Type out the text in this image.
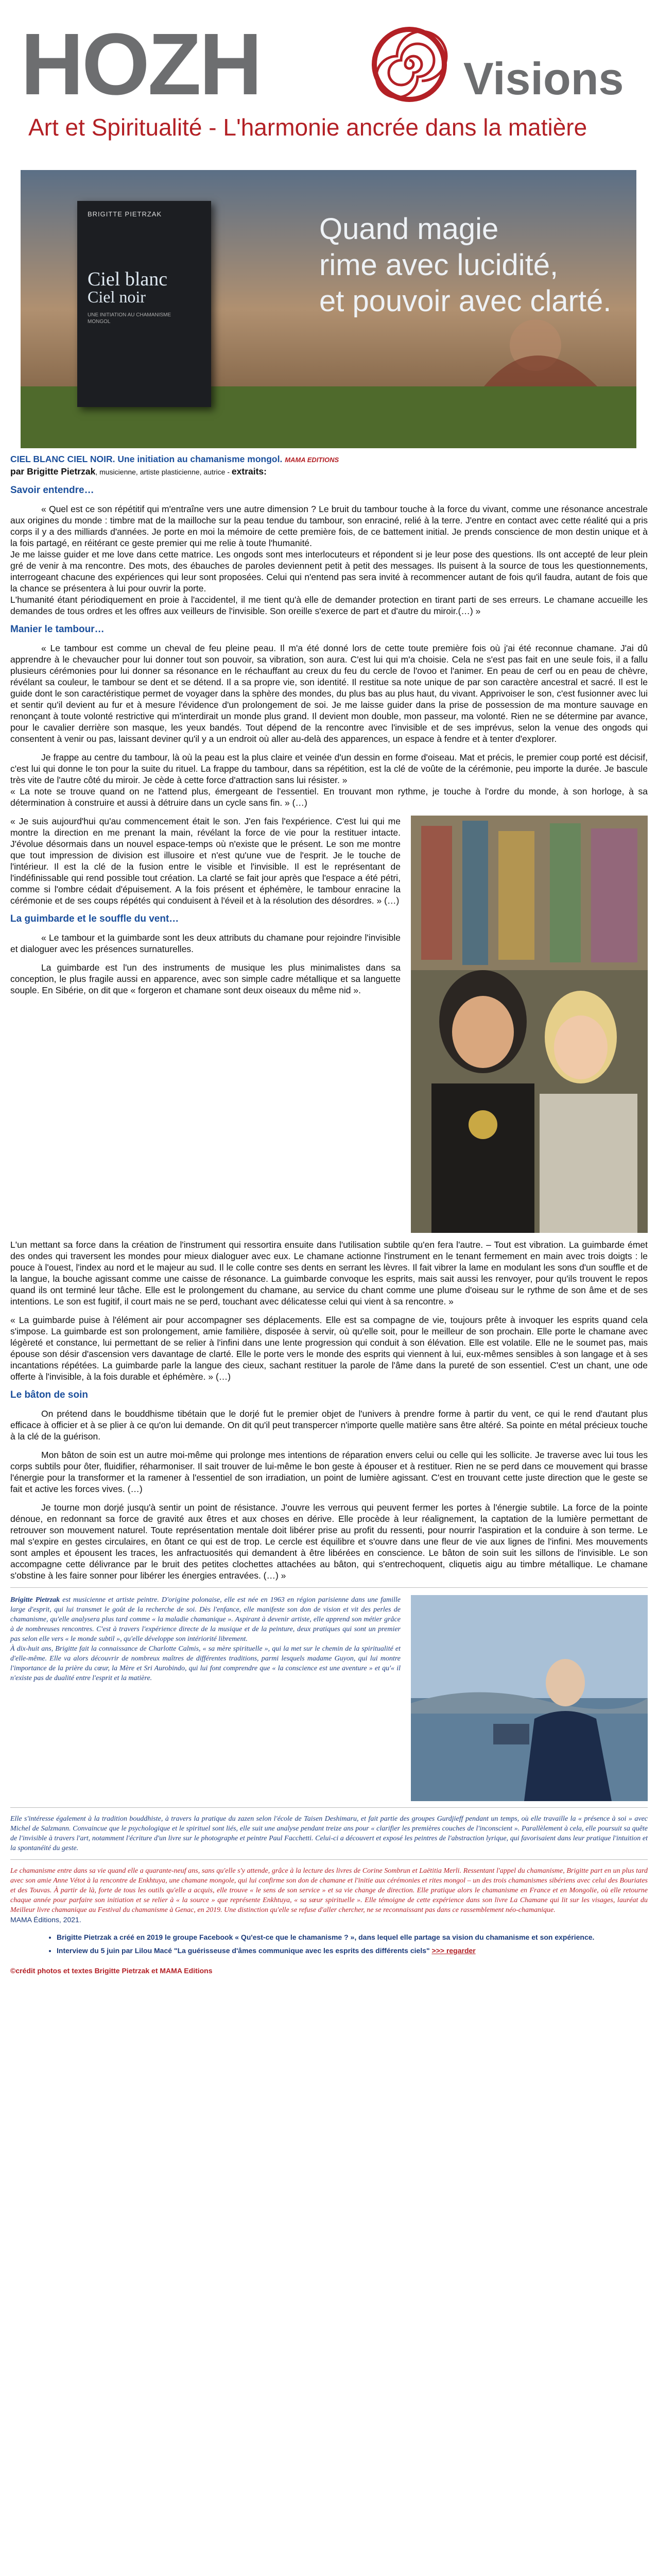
HOZH	Visions
Art et Spiritualité - L'harmonie ancrée dans la matière
BRIGITTE PIETRZAK
Ciel blanc
Ciel noir
UNE INITIATION AU CHAMANISME MONGOL
Quand magie
rime avec lucidité,
et pouvoir avec clarté.

CIEL BLANC CIEL NOIR. Une initiation au chamanisme mongol. MAMA EDITIONS

par Brigitte Pietrzak, musicienne, artiste plasticienne, autrice - extraits:

Savoir entendre…

« Quel est ce son répétitif qui m'entraîne vers une autre dimension ? Le bruit du tambour touche à la force du vivant, comme une résonance ancestrale aux origines du monde : timbre mat de la mailloche sur la peau tendue du tambour, son enraciné, relié à la terre. J'entre en contact avec cette réalité qui a pris corps il y a des milliards d'années. Je porte en moi la mémoire de cette première fois, de ce battement initial. Je prends conscience de mon destin unique et à la fois partagé, en réitérant ce geste premier qui me relie à toute l'humanité.

Je me laisse guider et me love dans cette matrice. Les ongods sont mes interlocuteurs et répondent si je leur pose des questions. Ils ont accepté de leur plein gré de venir à ma rencontre. Des mots, des ébauches de paroles deviennent petit à petit des messages. Ils puisent à la source de tous les questionnements, interrogeant chacune des expériences qui leur sont proposées. Celui qui n'entend pas sera invité à recommencer autant de fois qu'il faudra, autant de fois que la chance se présentera à lui pour ouvrir la porte.

L'humanité étant périodiquement en proie à l'accidentel, il me tient qu'à elle de demander protection en tirant parti de ses erreurs. Le chamane accueille les demandes de tous ordres et les offres aux veilleurs de l'invisible. Son oreille s'exerce de part et d'autre du miroir.(…) »

Manier le tambour…

« Le tambour est comme un cheval de feu pleine peau. Il m'a été donné lors de cette toute première fois où j'ai été reconnue chamane. J'ai dû apprendre à le chevaucher pour lui donner tout son pouvoir, sa vibration, son aura. C'est lui qui m'a choisie. Cela ne s'est pas fait en une seule fois, il a fallu plusieurs cérémonies pour lui donner sa résonance en le réchauffant au creux du feu du cercle de l'ovoo et l'animer. En peau de cerf ou en peau de chèvre, révélant sa couleur, le tambour se dent et se détend. Il a sa propre vie, son identité. Il restitue sa note unique de par son caractère ancestral et sacré. Il est le guide dont le son caractéristique permet de voyager dans la sphère des mondes, du plus bas au plus haut, du vivant. Apprivoiser le son, c'est fusionner avec lui et sentir qu'il devient au fur et à mesure l'évidence d'un prolongement de soi. Je me laisse guider dans la prise de possession de ma monture sauvage en renonçant à toute volonté restrictive qui m'interdirait un monde plus grand. Il devient mon double, mon passeur, ma volonté. Rien ne se détermine par avance, pour le cavalier derrière son masque, les yeux bandés. Tout dépend de la rencontre avec l'invisible et de ses imprévus, selon la venue des ongods qui consentent à venir ou pas, laissant deviner qu'il y a un endroit où aller au-delà des apparences, un espace à fendre et à tenter d'explorer.

Je frappe au centre du tambour, là où la peau est la plus claire et veinée d'un dessin en forme d'oiseau. Mat et précis, le premier coup porté est décisif, c'est lui qui donne le ton pour la suite du rituel. La frappe du tambour, dans sa répétition, est la clé de voûte de la cérémonie, peu importe la durée. Je bascule très vite de l'autre côté du miroir. Je cède à cette force d'attraction sans lui résister. »

« La note se trouve quand on ne l'attend plus, émergeant de l'essentiel. En trouvant mon rythme, je touche à l'ordre du monde, à son horloge, à sa détermination à construire et aussi à détruire dans un cycle sans fin. » (…)

« Je suis aujourd'hui qu'au commencement était le son. J'en fais l'expérience. C'est lui qui me montre la direction en me prenant la main, révélant la force de vie pour la restituer intacte. J'évolue désormais dans un nouvel espace-temps où n'existe que le présent. Le son me montre que tout impression de division est illusoire et n'est qu'une vue de l'esprit. Je le touche de l'intérieur. Il est la clé de la fusion entre le visible et l'invisible. Il est le représentant de l'indéfinissable qui rend possible tout création. La clarté se fait jour après que l'espace a été pétri, comme si l'ombre cédait d'épuisement. A la fois présent et éphémère, le tambour enracine la cérémonie et de ses coups répétés qui conduisent à l'éveil et à la résolution des désordres. » (…)

La guimbarde et le souffle du vent…

« Le tambour et la guimbarde sont les deux attributs du chamane pour rejoindre l'invisible et dialoguer avec les présences surnaturelles.

La guimbarde est l'un des instruments de musique les plus minimalistes dans sa conception, le plus fragile aussi en apparence, avec son simple cadre métallique et sa languette souple. En Sibérie, on dit que « forgeron et chamane sont deux oiseaux du même nid ».

L'un mettant sa force dans la création de l'instrument qui ressortira ensuite dans l'utilisation subtile qu'en fera l'autre. – Tout est vibration. La guimbarde émet des ondes qui traversent les mondes pour mieux dialoguer avec eux. Le chamane actionne l'instrument en le tenant fermement en main avec trois doigts : le pouce à l'ouest, l'index au nord et le majeur au sud. Il le colle contre ses dents en serrant les lèvres. Il fait vibrer la lame en modulant les sons d'un souffle et de la langue, la bouche agissant comme une caisse de résonance. La guimbarde convoque les esprits, mais sait aussi les renvoyer, pour qu'ils trouvent le repos quand ils ont terminé leur tâche. Elle est le prolongement du chamane, au service du chant comme une plume d'oiseau sur le rythme de son âme et de ses intentions. Le son est fugitif, il court mais ne se perd, touchant avec délicatesse celui qui vient à sa rencontre. »

« La guimbarde puise à l'élément air pour accompagner ses déplacements. Elle est sa compagne de vie, toujours prête à invoquer les esprits quand cela s'impose. La guimbarde est son prolongement, amie familière, disposée à servir, où qu'elle soit, pour le meilleur de son prochain. Elle porte le chamane avec légèreté et constance, lui permettant de se relier à l'infini dans une lente progression qui conduit à son élévation. Elle est volatile. Elle ne le soumet pas, mais épouse son désir d'ascension vers davantage de clarté. Elle le porte vers le monde des esprits qui viennent à lui, eux-mêmes sensibles à son langage et à ses incantations répétées. La guimbarde parle la langue des cieux, sachant restituer la parole de l'âme dans la pureté de son essentiel. C'est un chant, une ode offerte à l'invisible, à la fois durable et éphémère. » (…)

Le bâton de soin

On prétend dans le bouddhisme tibétain que le dorjé fut le premier objet de l'univers à prendre forme à partir du vent, ce qui le rend d'autant plus efficace à officier et à se plier à ce qu'on lui demande. On dit qu'il peut transpercer n'importe quelle matière sans être altéré. Sa pointe en métal précieux touche à la clé de la guérison.

Mon bâton de soin est un autre moi-même qui prolonge mes intentions de réparation envers celui ou celle qui les sollicite. Je traverse avec lui tous les corps subtils pour ôter, fluidifier, réharmoniser. Il sait trouver de lui-même le bon geste à épouser et à restituer. Rien ne se perd dans ce mouvement qui brasse l'énergie pour la transformer et la ramener à l'essentiel de son irradiation, un point de lumière agissant. C'est en trouvant cette juste direction que le geste se fait et active les forces vives. (…)

Je tourne mon dorjé jusqu'à sentir un point de résistance. J'ouvre les verrous qui peuvent fermer les portes à l'énergie subtile. La force de la pointe dénoue, en redonnant sa force de gravité aux êtres et aux choses en dérive. Elle procède à leur réalignement, la captation de la lumière permettant de retrouver son mouvement naturel. Toute représentation mentale doit libérer prise au profit du ressenti, pour nourrir l'aspiration et la conduire à son terme. Le mal s'expire en gestes circulaires, en ôtant ce qui est de trop. Le cercle est équilibre et s'ouvre dans une fleur de vie aux lignes de l'infini. Mes mouvements sont amples et épousent les traces, les anfractuosités qui demandent à être libérées en conscience. Le bâton de soin suit les sillons de l'invisible. Le son accompagne cette délivrance par le bruit des petites clochettes attachées au bâton, qui s'entrechoquent, cliquetis aigu au timbre métallique. Le chamane s'obstine à les faire sonner pour libérer les énergies entravées. (…) »

Brigitte Pietrzak est musicienne et artiste peintre. D'origine polonaise, elle est née en 1963 en région parisienne dans une famille large d'esprit, qui lui transmet le goût de la recherche de soi. Dès l'enfance, elle manifeste son don de vision et vit des perles de chamanisme, qu'elle analysera plus tard comme « la maladie chamanique ». Aspirant à devenir artiste, elle apprend son métier grâce à de nombreuses rencontres. C'est à travers l'expérience directe de la musique et de la peinture, deux pratiques qui sont un premier pas selon elle vers « le monde subtil », qu'elle développe son intériorité librement.

À dix-huit ans, Brigitte fait la connaissance de Charlotte Calmis, « sa mère spirituelle », qui la met sur le chemin de la spiritualité et d'elle-même. Elle va alors découvrir de nombreux maîtres de différentes traditions, parmi lesquels madame Guyon, qui lui montre l'importance de la prière du cœur, la Mère et Sri Aurobindo, qui lui font comprendre que « la conscience est une aventure » et qu'« il n'existe pas de dualité entre l'esprit et la matière.

Elle s'intéresse également à la tradition bouddhiste, à travers la pratique du zazen selon l'école de Taisen Deshimaru, et fait partie des groupes Gurdjieff pendant un temps, où elle travaille la « présence à soi » avec Michel de Salzmann. Convaincue que le psychologique et le spirituel sont liés, elle suit une analyse pendant treize ans pour « clarifier les premières couches de l'inconscient ». Parallèlement à cela, elle poursuit sa quête de l'invisible à travers l'art, notamment l'écriture d'un livre sur le photographe et peintre Paul Facchetti. Celui-ci a découvert et exposé les peintres de l'abstraction lyrique, qui favorisaient dans leur pratique l'intuition et la spontanéité du geste.

Le chamanisme entre dans sa vie quand elle a quarante-neuf ans, sans qu'elle s'y attende, grâce à la lecture des livres de Corine Sombrun et Laëtitia Merli. Ressentant l'appel du chamanisme, Brigitte part en un plus tard avec son amie Anne Vétot à la rencontre de Enkhtuya, une chamane mongole, qui lui confirme son don de chamane et l'initie aux cérémonies et rites mongol – un des trois chamanismes sibériens avec celui des Bouriates et des Touvas. À partir de là, forte de tous les outils qu'elle a acquis, elle trouve « le sens de son service » et sa vie change de direction. Elle pratique alors le chamanisme en France et en Mongolie, où elle retourne chaque année pour parfaire son initiation et se relier à « la source » que représente Enkhtuya, « sa sœur spirituelle ». Elle témoigne de cette expérience dans son livre La Chamane qui lit sur les visages, lauréat du Meilleur livre chamanique au Festival du chamanisme à Genac, en 2019. Une distinction qu'elle se refuse d'aller chercher, ne se reconnaissant pas dans ce rassemblement néo-chamanique.

MAMA Éditions, 2021.

• Brigitte Pietrzak a créé en 2019 le groupe Facebook « Qu'est-ce que le chamanisme ? », dans lequel elle partage sa vision du chamanisme et son expérience.
• Interview du 5 juin par Lilou Macé "La guérisseuse d'âmes communique avec les esprits des différents ciels" >>> regarder

©crédit photos et textes Brigitte Pietrzak et MAMA Editions
